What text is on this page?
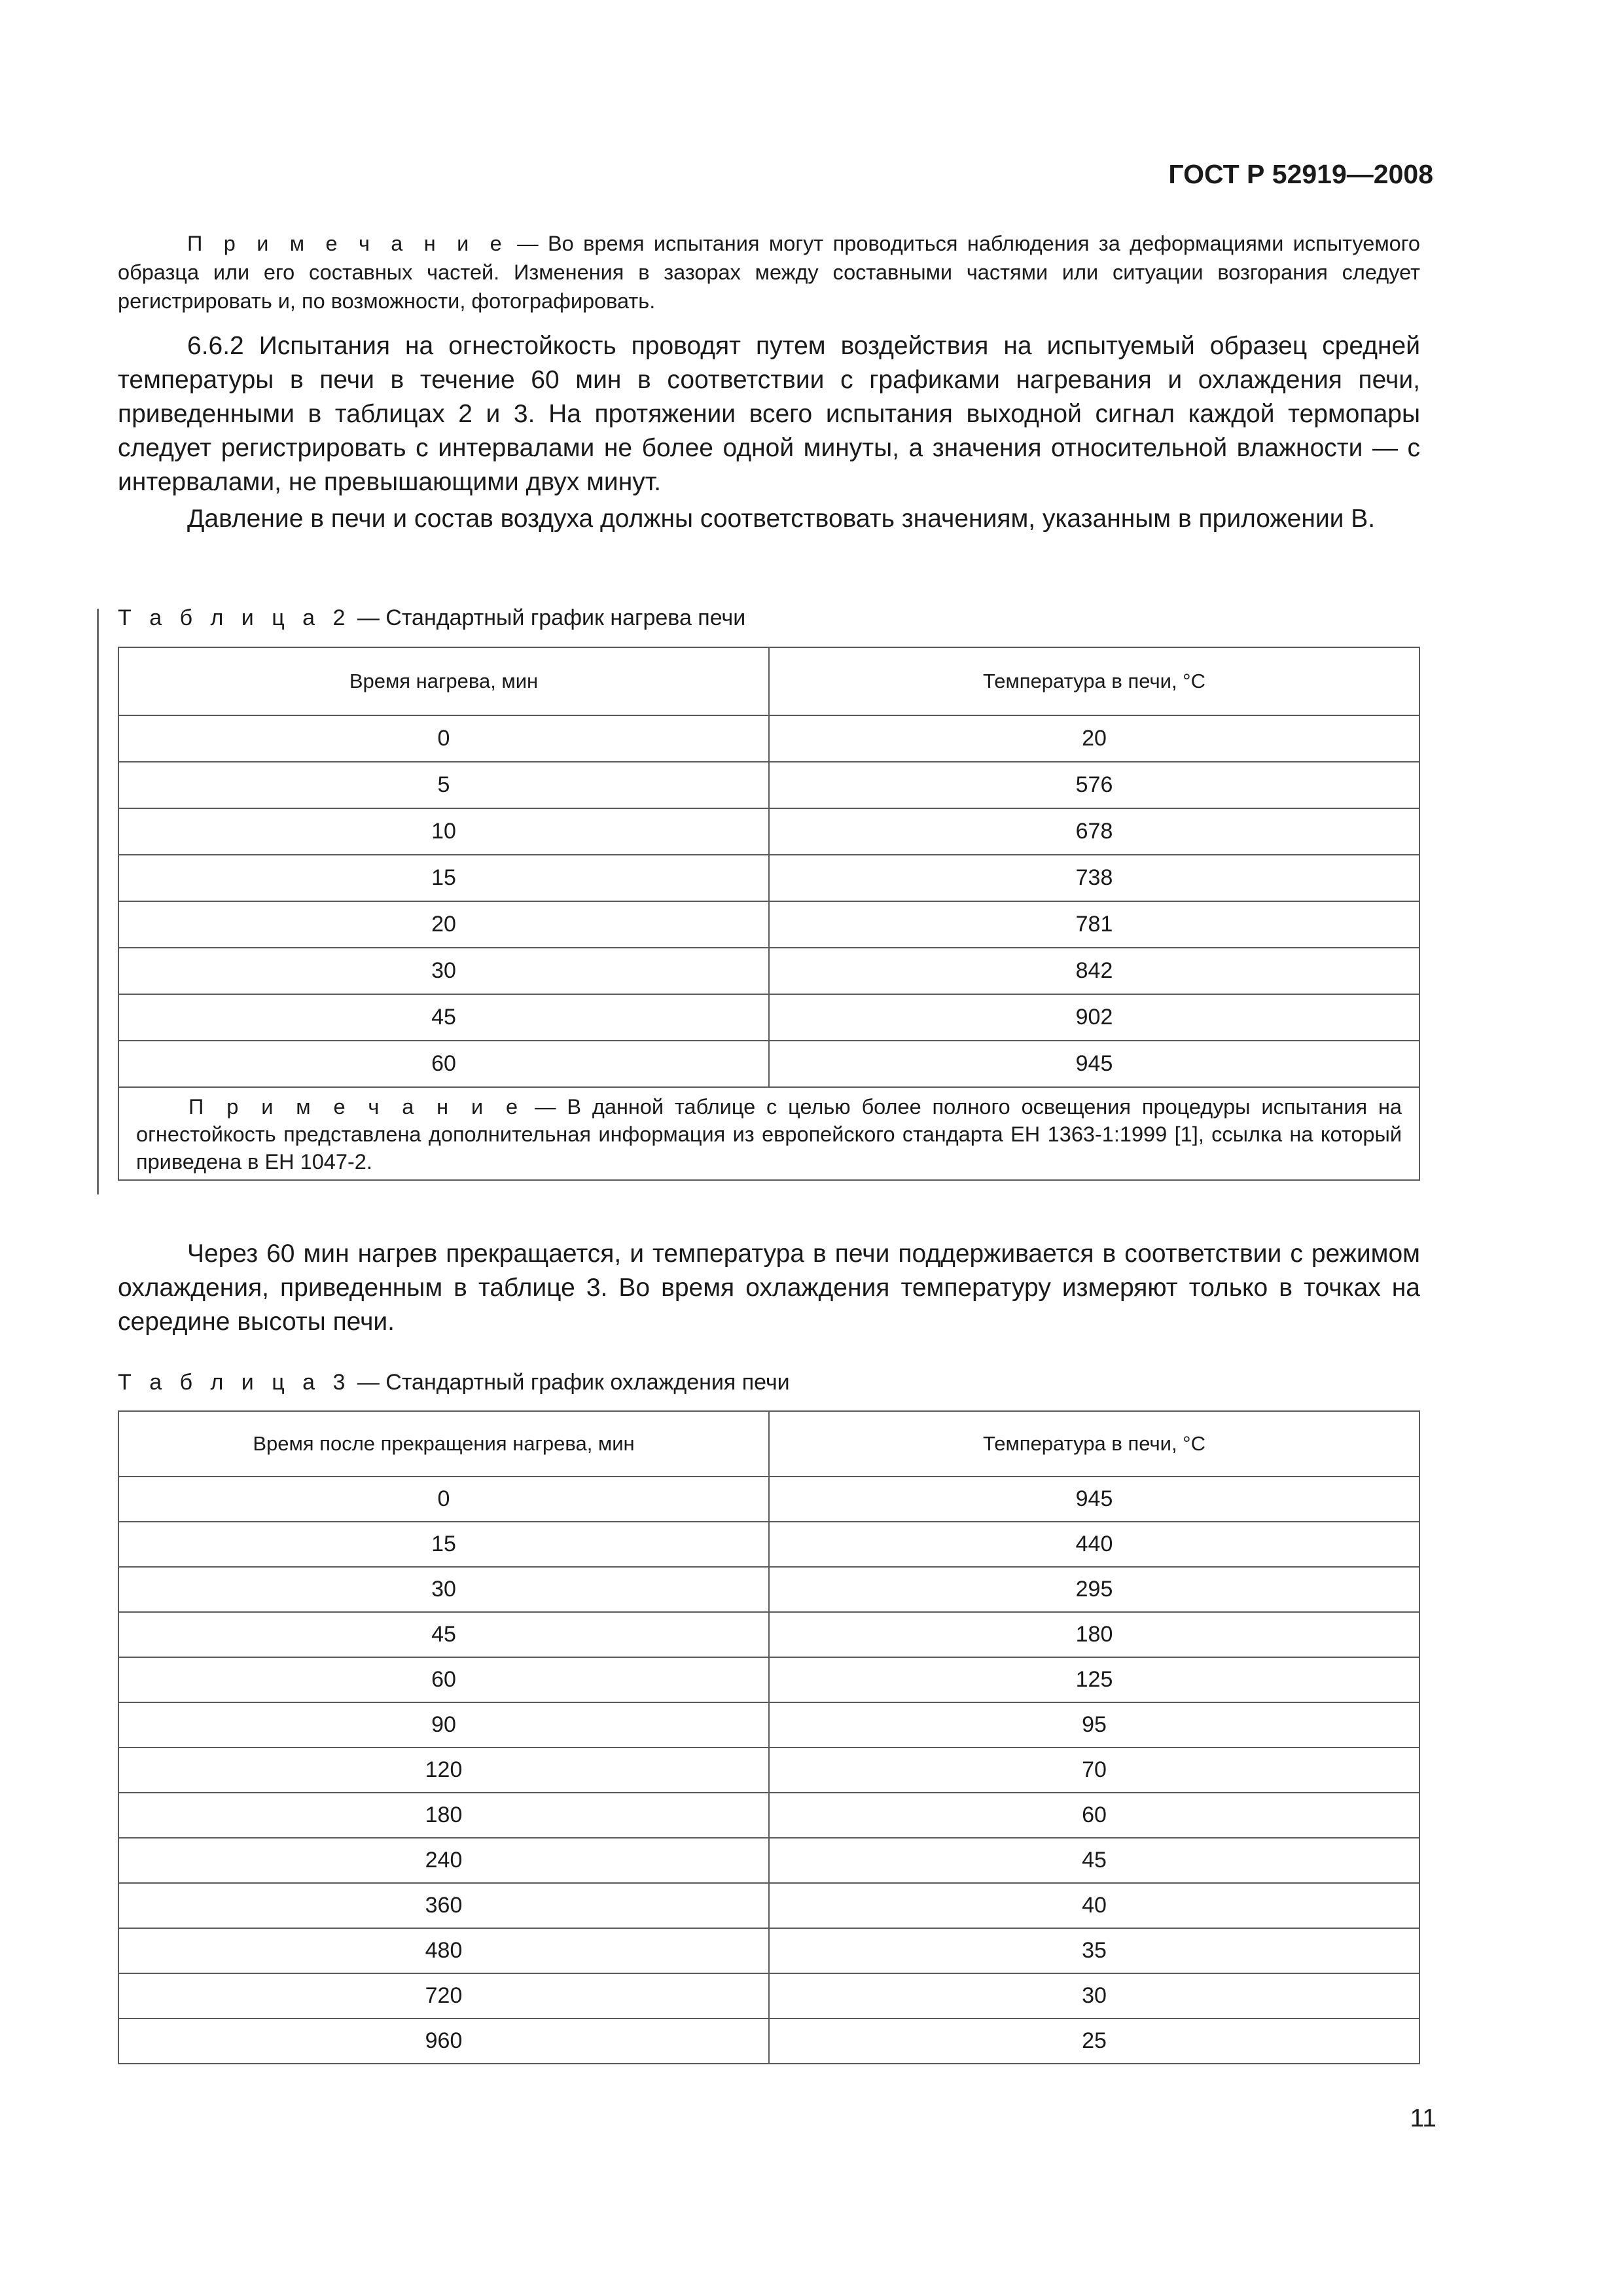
ГОСТ Р 52919—2008
П р и м е ч а н и е — Во время испытания могут проводиться наблюдения за деформациями испытуемого образца или его составных частей. Изменения в зазорах между составными частями или ситуации возгорания следует регистрировать и, по возможности, фотографировать.
6.6.2 Испытания на огнестойкость проводят путем воздействия на испытуемый образец средней температуры в печи в течение 60 мин в соответствии с графиками нагревания и охлаждения печи, приведенными в таблицах 2 и 3. На протяжении всего испытания выходной сигнал каждой термопары следует регистрировать с интервалами не более одной минуты, а значения относительной влажности — с интервалами, не превышающими двух минут.
Давление в печи и состав воздуха должны соответствовать значениям, указанным в приложении В.
Т а б л и ц а 2 — Стандартный график нагрева печи
Время нагрева, мин	Температура в печи, °С
0	20
5	576
10	678
15	738
20	781
30	842
45	902
60	945
П р и м е ч а н и е — В данной таблице с целью более полного освещения процедуры испытания на огнестойкость представлена дополнительная информация из европейского стандарта ЕН 1363-1:1999 [1], ссылка на который приведена в ЕН 1047-2.	
Через 60 мин нагрев прекращается, и температура в печи поддерживается в соответствии с режимом охлаждения, приведенным в таблице 3. Во время охлаждения температуру измеряют только в точках на середине высоты печи.
Т а б л и ц а 3 — Стандартный график охлаждения печи
Время после прекращения нагрева, мин	Температура в печи, °С
0	945
15	440
30	295
45	180
60	125
90	95
120	70
180	60
240	45
360	40
480	35
720	30
960	25
11
